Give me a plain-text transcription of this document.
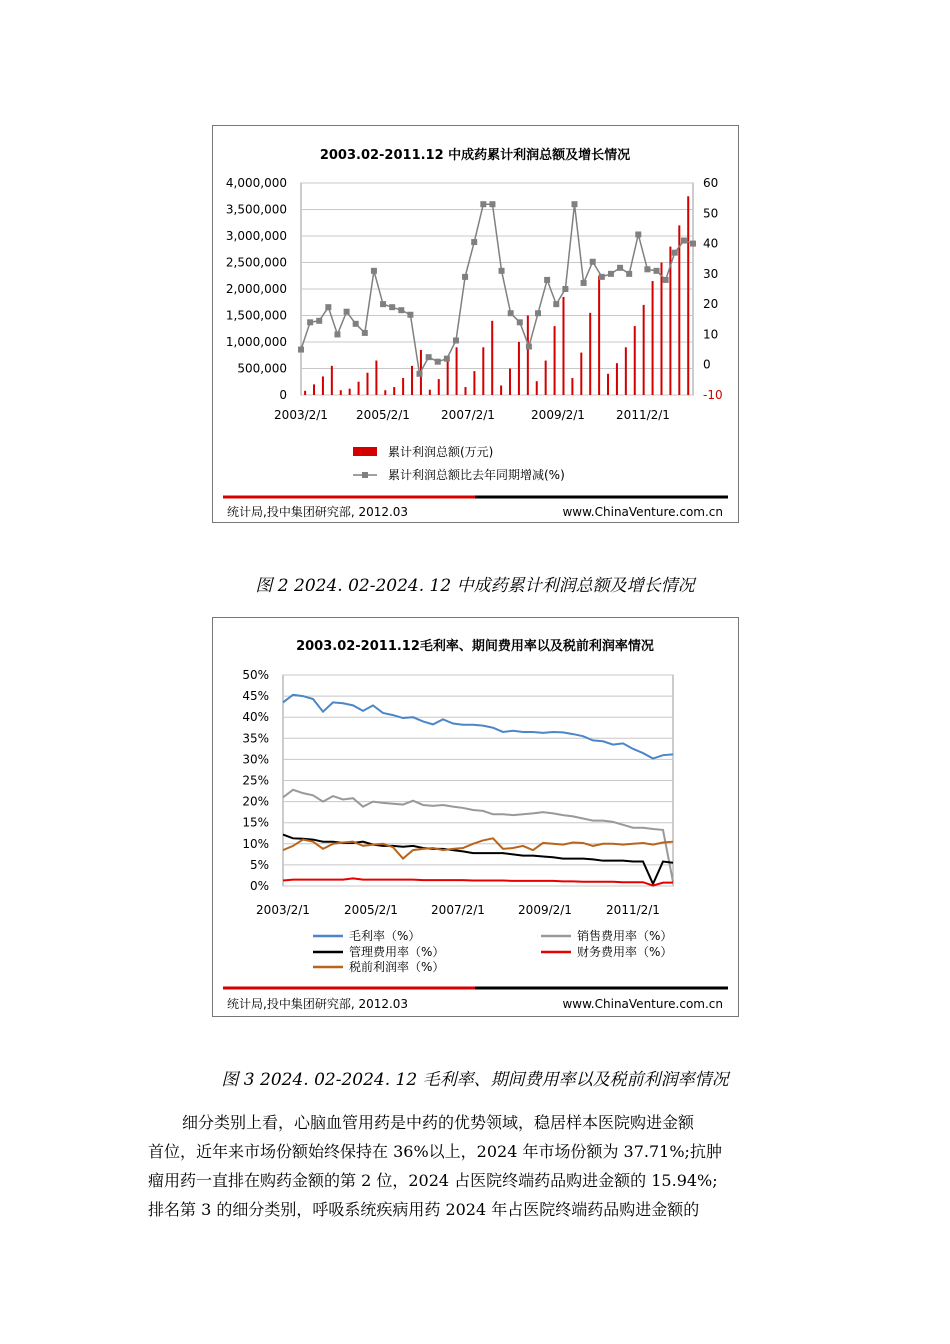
2003.02-2011.12 中成药累计利润总额及增长情况
4,000,000
3,500,000
3,000,000
2,500,000
2,000,000
1,500,000
1,000,000
500,000
0
60
50
40
30
20
10
0
-10
2003/2/1 2005/2/1	2007/2/1	2009/2/1	2011/2/1
累计利润总额(万元)
累计利润总额比去年同期增减(%)
统计局,投中集团研究部, 2012.03	www.ChinaVenture.com.cn
图 2 2024. 02-2024. 12 中成药累计利润总额及增长情况
2003.02-2011.12毛利率、期间费用率以及税前利润率情况
50%
45%
40%
35%
30%
25%
20%
15%
10%
5%
0%
2003/2/1	2005/2/1	2007/2/1	2009/2/1	2011/2/1
毛利率（%）	销售费用率（%）
管理费用率（%）	财务费用率（%）
税前利润率（%）
统计局,投中集团研究部, 2012.03	www.ChinaVenture.com.cn
图 3 2024. 02-2024. 12 毛利率、期间费用率以及税前利润率情况
细分类别上看，心脑血管用药是中药的优势领域，稳居样本医院购进金额
首位，近年来市场份额始终保持在 36%以上，2024 年市场份额为 37.71%;抗肿
瘤用药一直排在购药金额的第 2 位，2024 占医院终端药品购进金额的 15.94%;
排名第 3 的细分类别，呼吸系统疾病用药 2024 年占医院终端药品购进金额的
